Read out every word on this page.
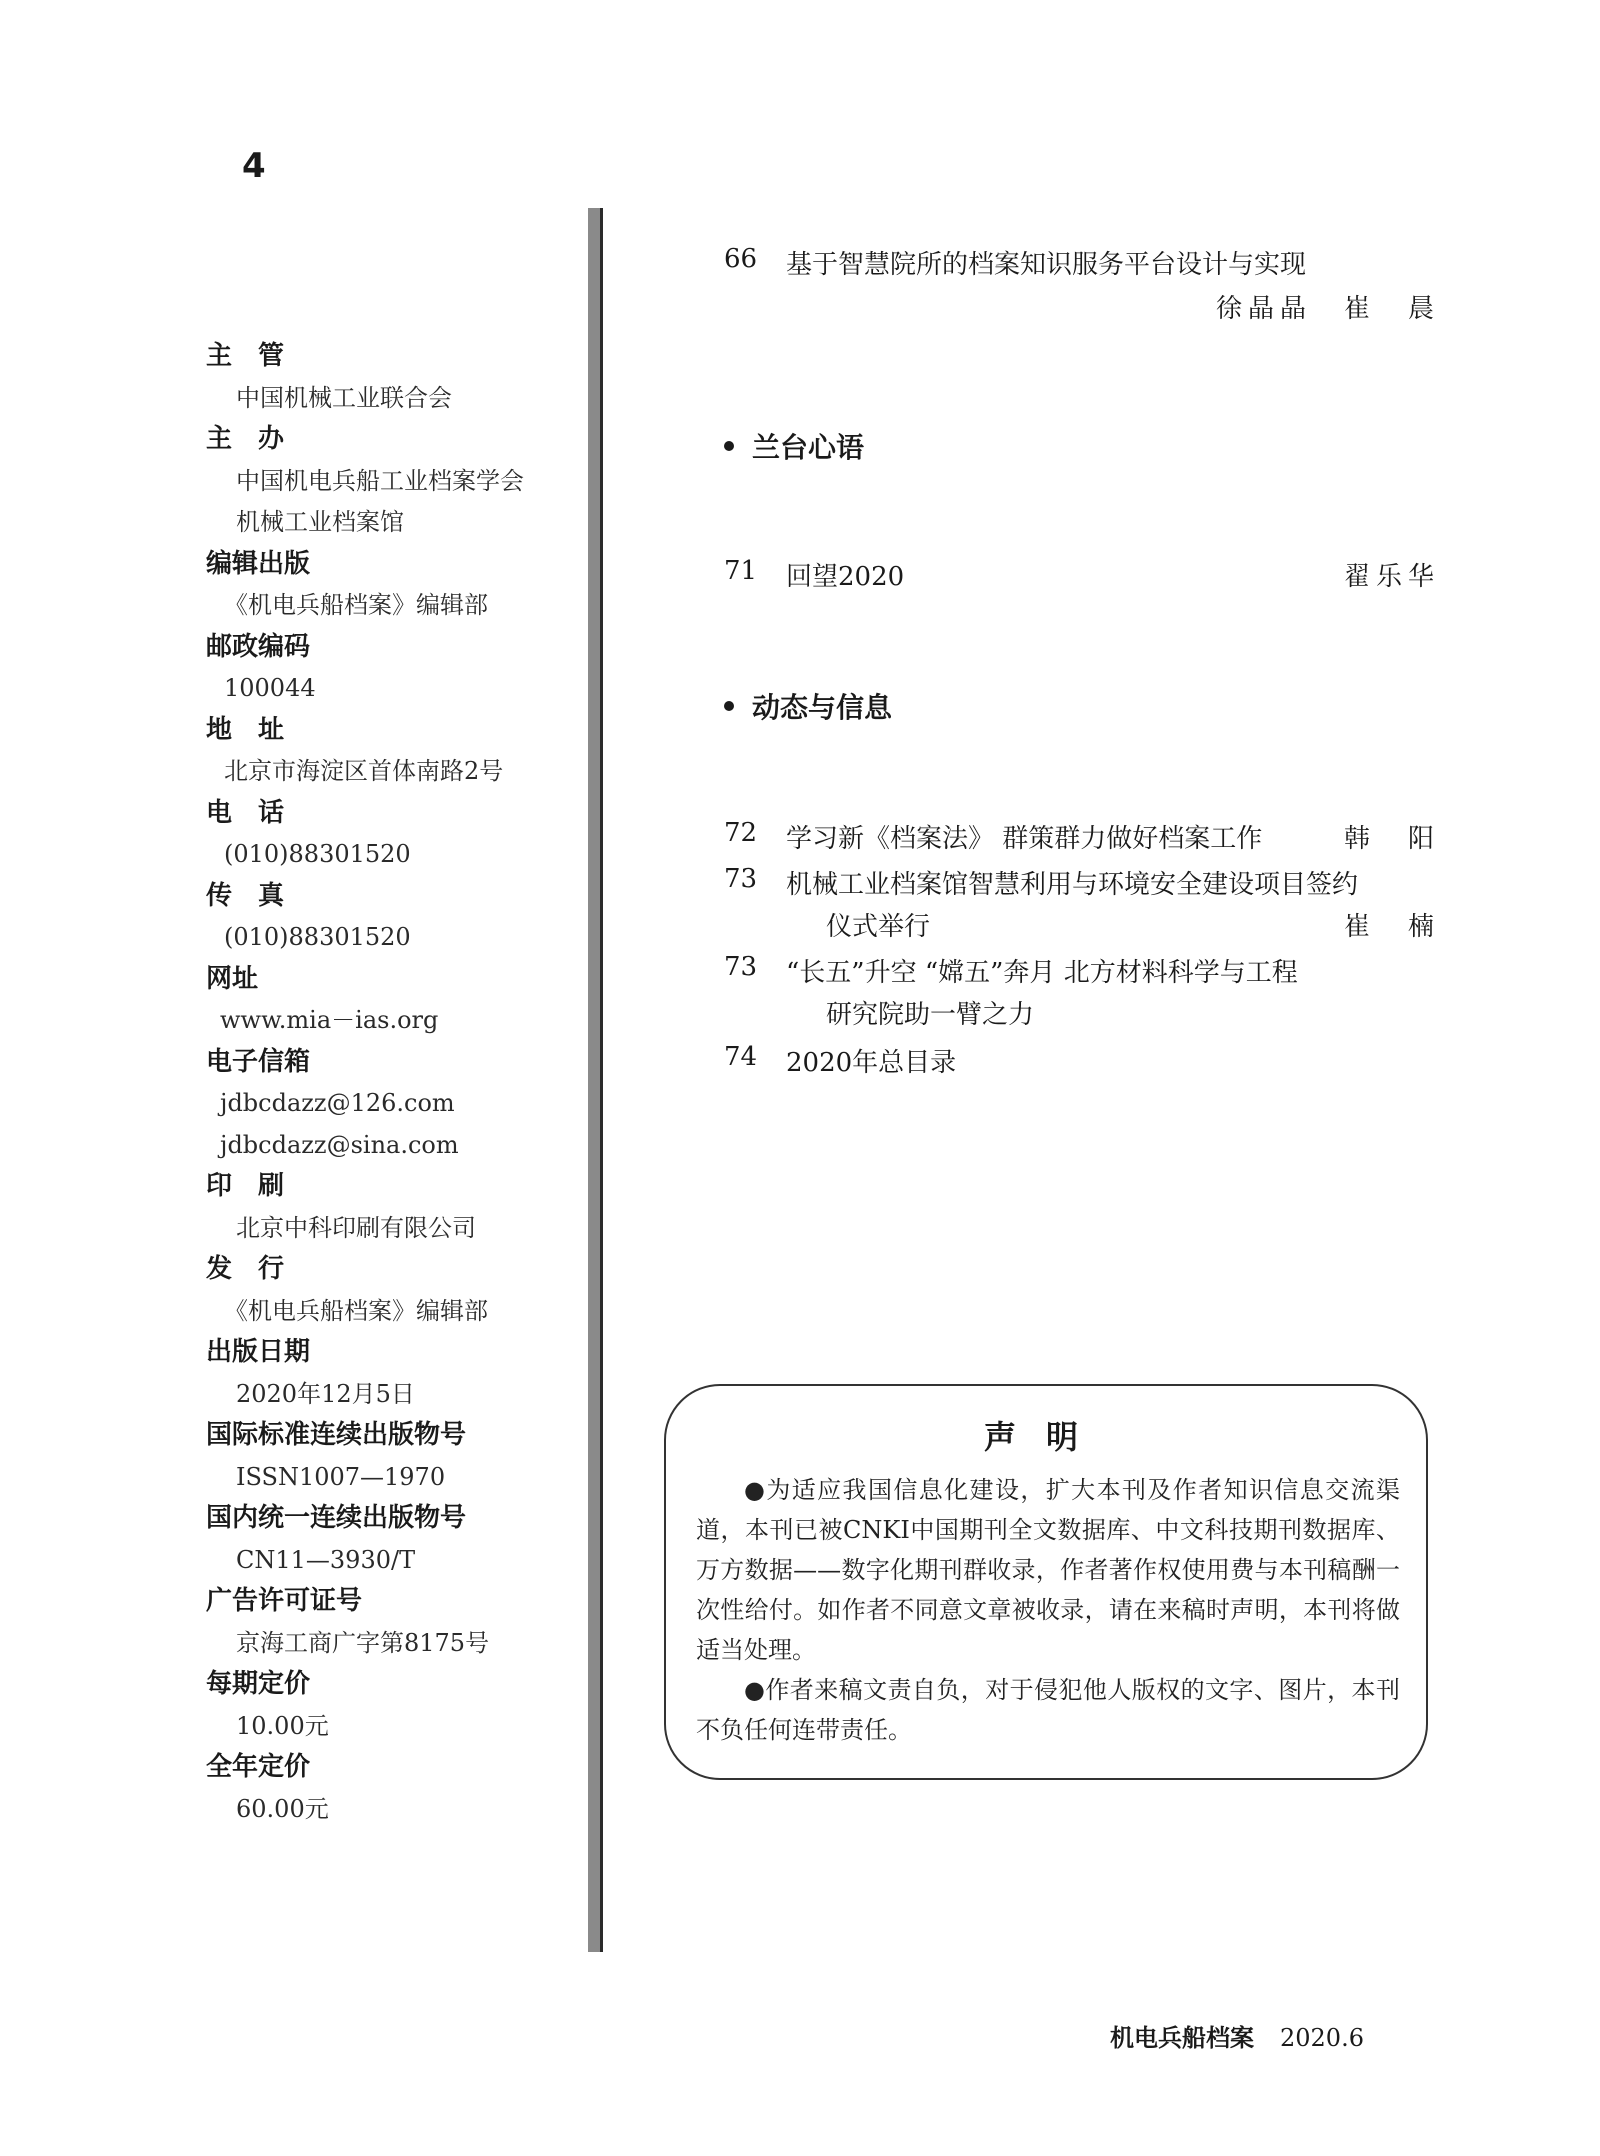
4
主　管
中国机械工业联合会
主　办
中国机电兵船工业档案学会
机械工业档案馆
编辑出版
《机电兵船档案》编辑部
邮政编码
100044
地　址
北京市海淀区首体南路2号
电　话
(010)88301520
传　真
(010)88301520
网址
www.mia－ias.org
电子信箱
jdbcdazz@126.com
jdbcdazz@sina.com
印　刷
北京中科印刷有限公司
发　行
《机电兵船档案》编辑部
出版日期
2020年12月5日
国际标准连续出版物号
ISSN1007—1970
国内统一连续出版物号
CN11—3930/T
广告许可证号
京海工商广字第8175号
每期定价
10.00元
全年定价
60.00元
66 基于智慧院所的档案知识服务平台设计与实现
徐晶晶　崔　晨
兰台心语
71 回望2020	翟乐华
动态与信息
72 学习新《档案法》 群策群力做好档案工作	韩　阳
73 机械工业档案馆智慧利用与环境安全建设项目签约
仪式举行	崔　楠
73 “长五”升空 “嫦五”奔月 北方材料科学与工程
研究院助一臂之力
74 2020年总目录
声明

●为适应我国信息化建设，扩大本刊及作者知识信息交流渠道，本刊已被CNKI中国期刊全文数据库、中文科技期刊数据库、万方数据——数字化期刊群收录，作者著作权使用费与本刊稿酬一次性给付。如作者不同意文章被收录，请在来稿时声明，本刊将做适当处理。

●作者来稿文责自负，对于侵犯他人版权的文字、图片，本刊不负任何连带责任。

机电兵船档案 2020.6
